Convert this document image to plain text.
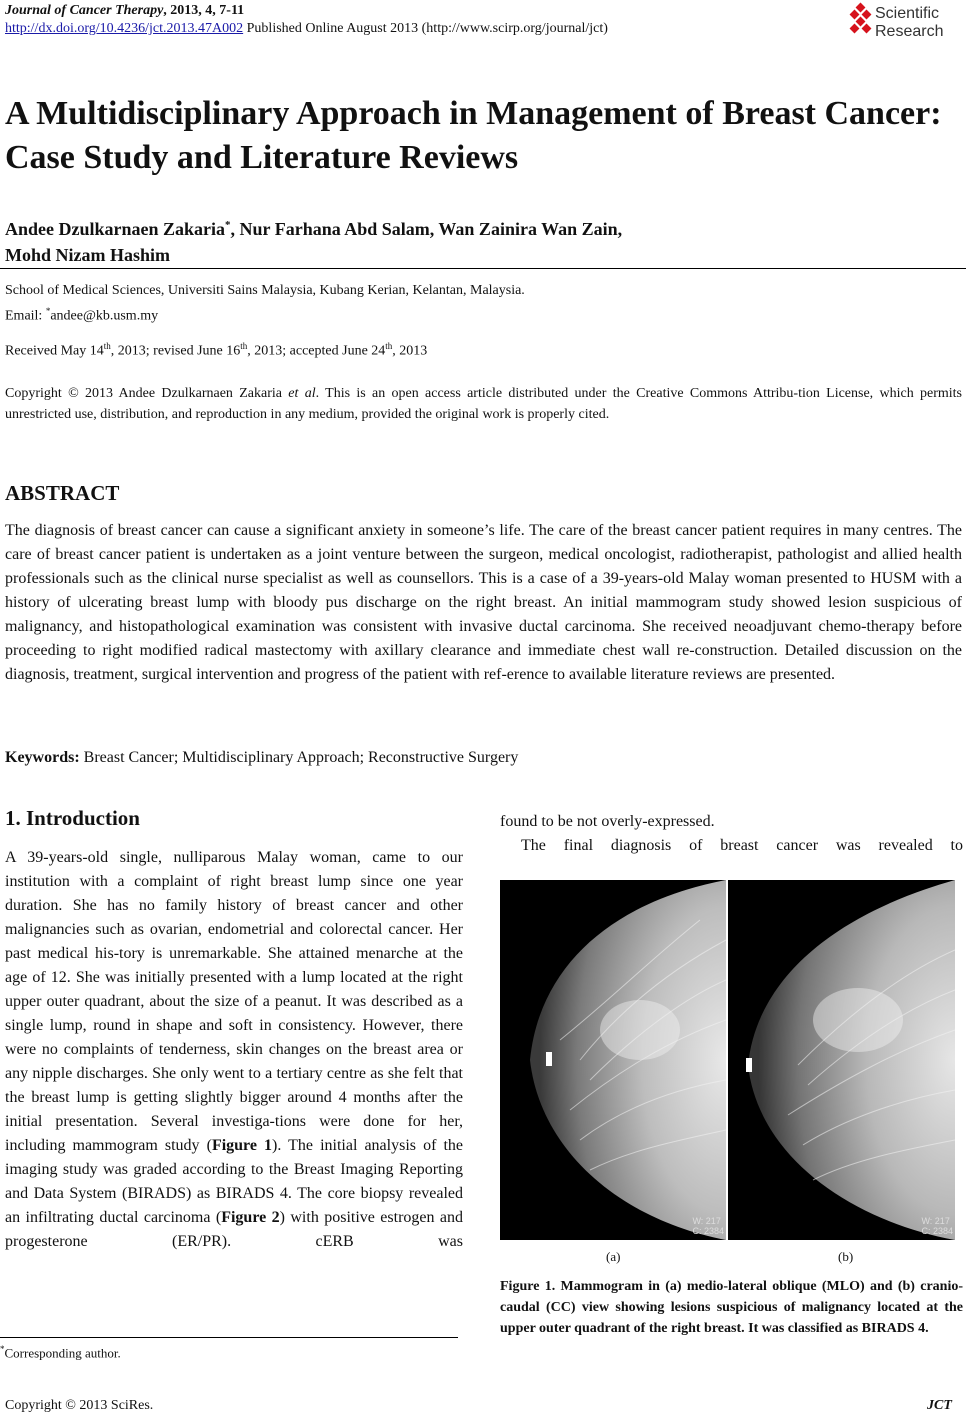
Journal of Cancer Therapy, 2013, 4, 7-11
http://dx.doi.org/10.4236/jct.2013.47A002 Published Online August 2013 (http://www.scirp.org/journal/jct)
Scientific
Research
A Multidisciplinary Approach in Management of Breast Cancer: Case Study and Literature Reviews
Andee Dzulkarnaen Zakaria*, Nur Farhana Abd Salam, Wan Zainira Wan Zain,
Mohd Nizam Hashim
School of Medical Sciences, Universiti Sains Malaysia, Kubang Kerian, Kelantan, Malaysia.
Email: *andee@kb.usm.my
Received May 14th, 2013; revised June 16th, 2013; accepted June 24th, 2013
Copyright © 2013 Andee Dzulkarnaen Zakaria et al. This is an open access article distributed under the Creative Commons Attribu-tion License, which permits unrestricted use, distribution, and reproduction in any medium, provided the original work is properly cited.
ABSTRACT
The diagnosis of breast cancer can cause a significant anxiety in someone’s life. The care of the breast cancer patient requires in many centres. The care of breast cancer patient is undertaken as a joint venture between the surgeon, medical oncologist, radiotherapist, pathologist and allied health professionals such as the clinical nurse specialist as well as counsellors. This is a case of a 39-years-old Malay woman presented to HUSM with a history of ulcerating breast lump with bloody pus discharge on the right breast. An initial mammogram study showed lesion suspicious of malignancy, and histopathological examination was consistent with invasive ductal carcinoma. She received neoadjuvant chemo-therapy before proceeding to right modified radical mastectomy with axillary clearance and immediate chest wall re-construction. Detailed discussion on the diagnosis, treatment, surgical intervention and progress of the patient with ref-erence to available literature reviews are presented.
Keywords: Breast Cancer; Multidisciplinary Approach; Reconstructive Surgery
1. Introduction
A 39-years-old single, nulliparous Malay woman, came to our institution with a complaint of right breast lump since one year duration. She has no family history of breast cancer and other malignancies such as ovarian, endometrial and colorectal cancer. Her past medical his-tory is unremarkable. She attained menarche at the age of 12. She was initially presented with a lump located at the right upper outer quadrant, about the size of a peanut. It was described as a single lump, round in shape and soft in consistency. However, there were no complaints of tenderness, skin changes on the breast area or any nipple discharges. She only went to a tertiary centre as she felt that the breast lump is getting slightly bigger around 4 months after the initial presentation. Several investiga-tions were done for her, including mammogram study (Figure 1). The initial analysis of the imaging study was graded according to the Breast Imaging Reporting and Data System (BIRADS) as BIRADS 4. The core biopsy revealed an infiltrating ductal carcinoma (Figure 2) with positive estrogen and progesterone (ER/PR). cERB was
found to be not overly-expressed.
The final diagnosis of breast cancer was revealed to
W: 217
C: 2384
W: 217
C: 2384
(a)	(b)
Figure 1. Mammogram in (a) medio-lateral oblique (MLO) and (b) cranio-caudal (CC) view showing lesions suspicious of malignancy located at the upper outer quadrant of the right breast. It was classified as BIRADS 4.
*Corresponding author.
Copyright © 2013 SciRes.	JCT
